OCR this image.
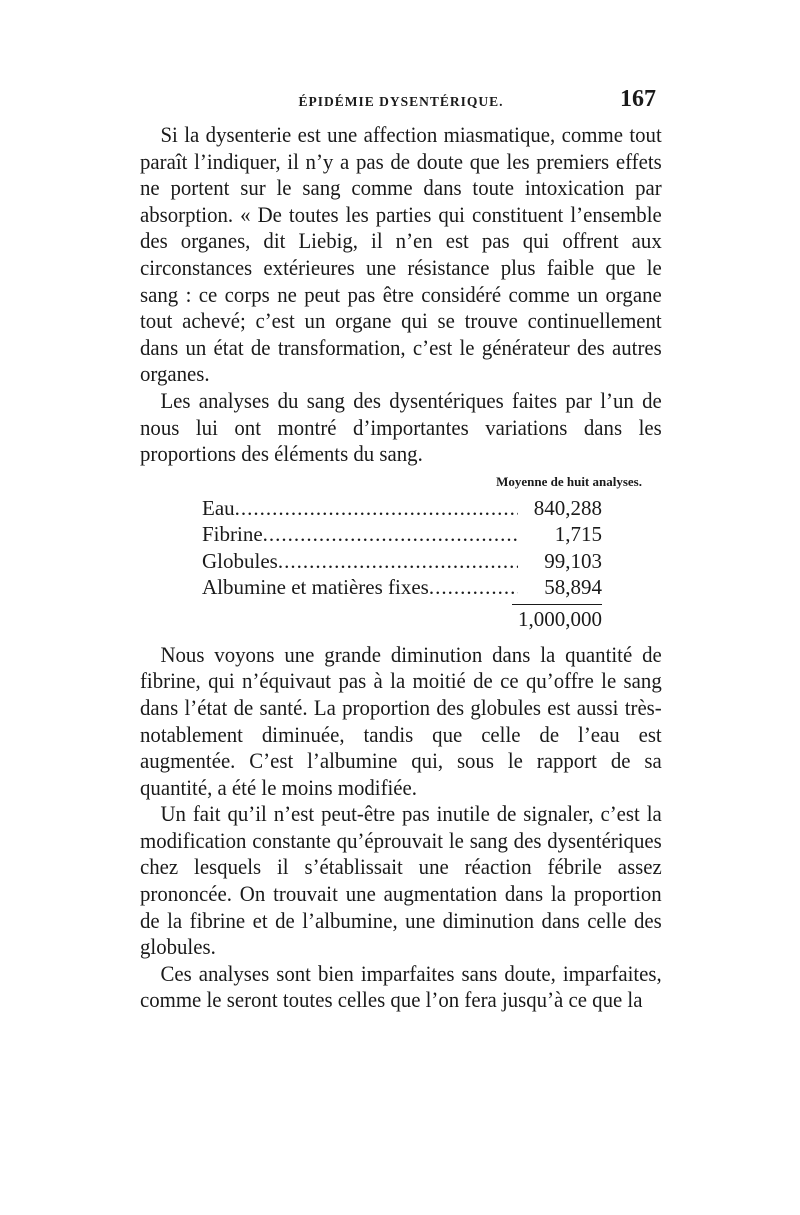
ÉPIDÉMIE DYSENTÉRIQUE.	167

Si la dysenterie est une affection miasmatique, comme tout paraît l’indiquer, il n’y a pas de doute que les premiers effets ne portent sur le sang comme dans toute intoxication par absorption. « De toutes les parties qui constituent l’ensemble des organes, dit Liebig, il n’en est pas qui offrent aux circonstances extérieures une résistance plus faible que le sang : ce corps ne peut pas être considéré comme un organe tout achevé; c’est un organe qui se trouve continuellement dans un état de transformation, c’est le générateur des autres organes.

Les analyses du sang des dysentériques faites par l’un de nous lui ont montré d’importantes variations dans les proportions des éléments du sang.

Moyenne de huit analyses.
Eau .....	840,288
Fibrine .....	1,715
Globules .....	99,103
Albumine et matières fixes .....	58,894
1,000,000

Nous voyons une grande diminution dans la quantité de fibrine, qui n’équivaut pas à la moitié de ce qu’offre le sang dans l’état de santé. La proportion des globules est aussi très-notablement diminuée, tandis que celle de l’eau est augmentée. C’est l’albumine qui, sous le rapport de sa quantité, a été le moins modifiée.

Un fait qu’il n’est peut-être pas inutile de signaler, c’est la modification constante qu’éprouvait le sang des dysentériques chez lesquels il s’établissait une réaction fébrile assez prononcée. On trouvait une augmentation dans la proportion de la fibrine et de l’albumine, une diminution dans celle des globules.

Ces analyses sont bien imparfaites sans doute, imparfaites, comme le seront toutes celles que l’on fera jusqu’à ce que la
